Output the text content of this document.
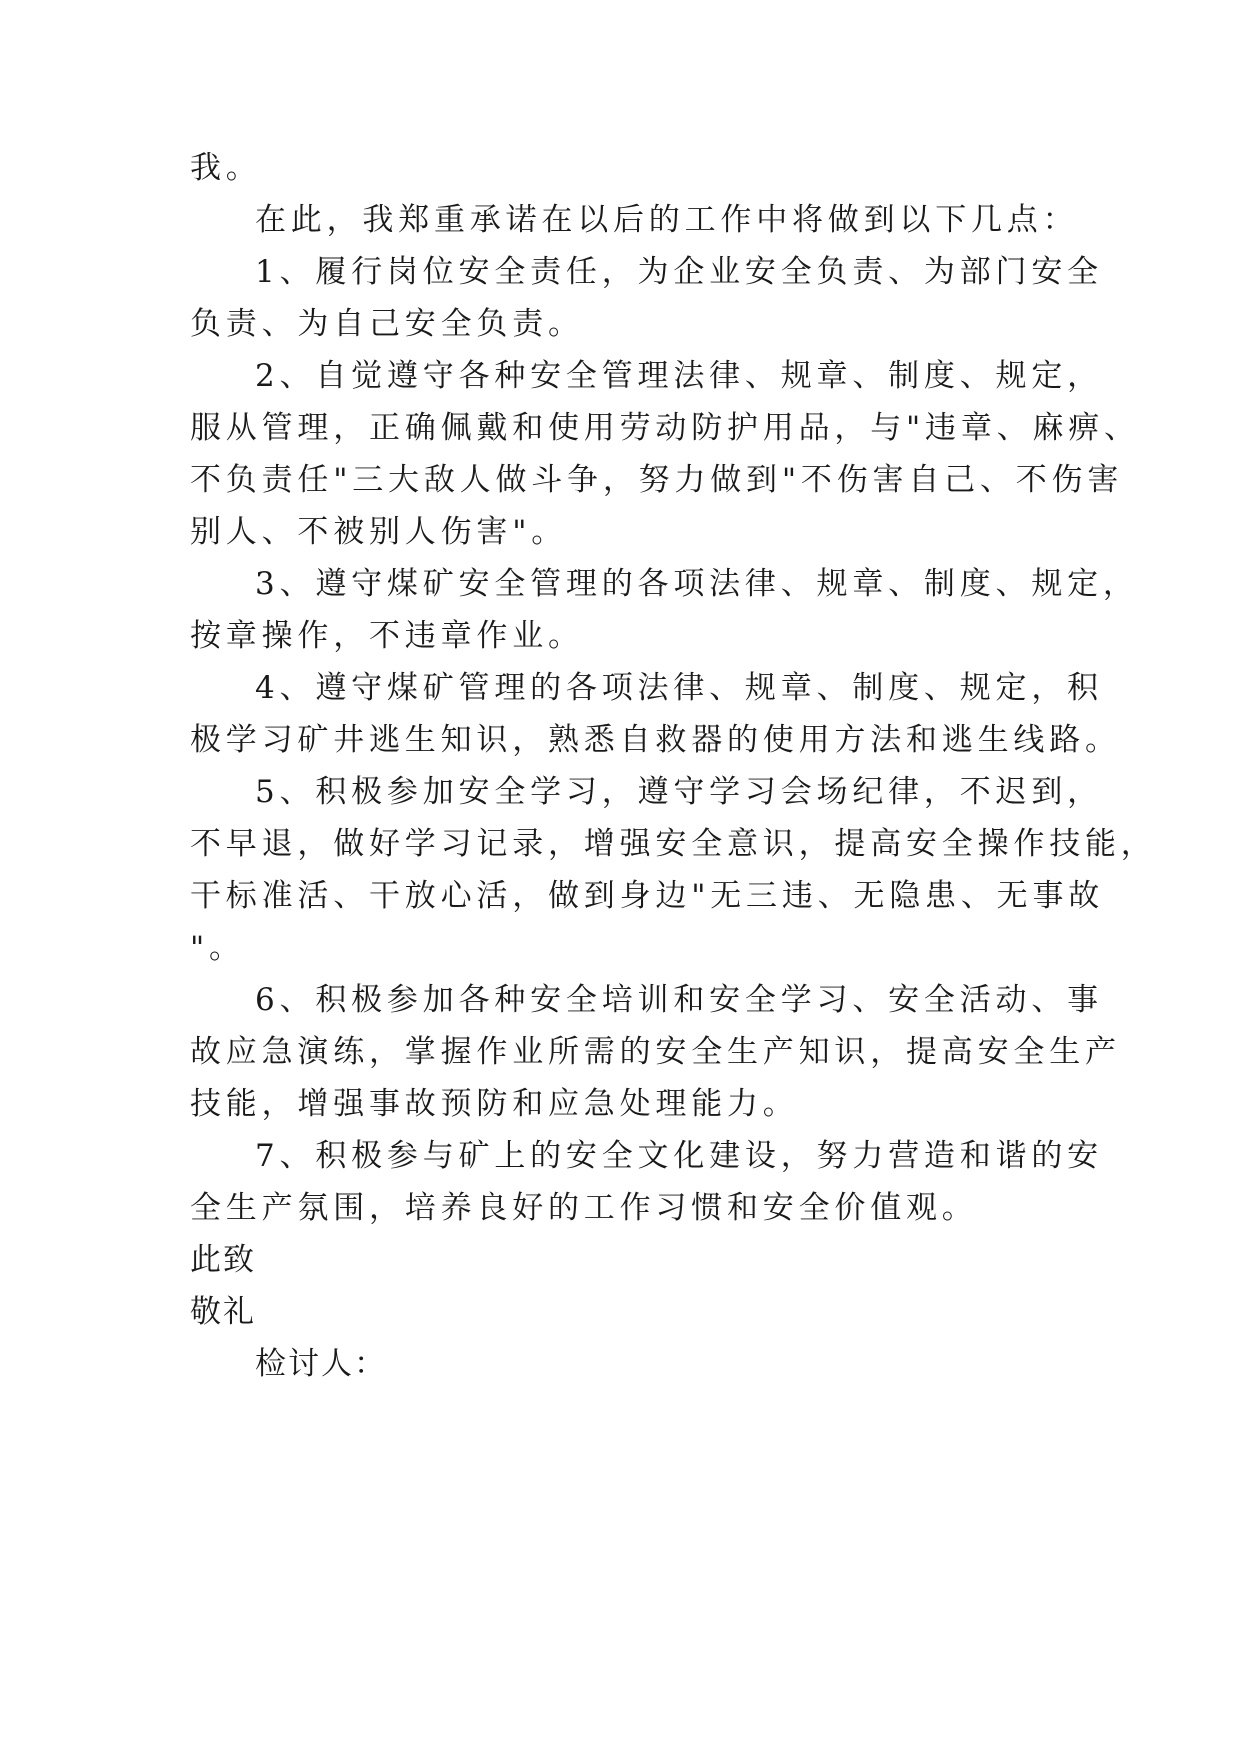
我。
在此，我郑重承诺在以后的工作中将做到以下几点：
1、履行岗位安全责任，为企业安全负责、为部门安全
负责、为自己安全负责。
2、自觉遵守各种安全管理法律、规章、制度、规定，
服从管理，正确佩戴和使用劳动防护用品，与"违章、麻痹、
不负责任"三大敌人做斗争，努力做到"不伤害自己、不伤害
别人、不被别人伤害"。
3、遵守煤矿安全管理的各项法律、规章、制度、规定，
按章操作，不违章作业。
4、遵守煤矿管理的各项法律、规章、制度、规定，积
极学习矿井逃生知识，熟悉自救器的使用方法和逃生线路。
5、积极参加安全学习，遵守学习会场纪律，不迟到，
不早退，做好学习记录，增强安全意识，提高安全操作技能，
干标准活、干放心活，做到身边"无三违、无隐患、无事故
"。
6、积极参加各种安全培训和安全学习、安全活动、事
故应急演练，掌握作业所需的安全生产知识，提高安全生产
技能，增强事故预防和应急处理能力。
7、积极参与矿上的安全文化建设，努力营造和谐的安
全生产氛围，培养良好的工作习惯和安全价值观。
此致
敬礼
检讨人：
